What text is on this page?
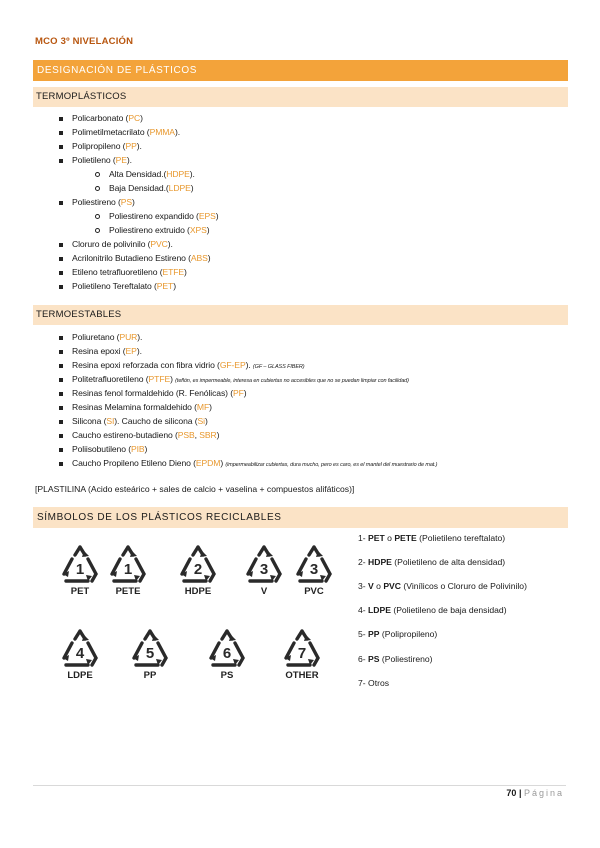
MCO 3º NIVELACIÓN
DESIGNACIÓN DE PLÁSTICOS
TERMOPLÁSTICOS
Policarbonato (PC)
Polimetilmetacrilato (PMMA).
Polipropileno (PP).
Polietileno (PE).
Alta Densidad.(HDPE).
Baja Densidad.(LDPE)
Poliestireno (PS)
Poliestireno expandido (EPS)
Poliestireno extruido (XPS)
Cloruro de polivinilo (PVC).
Acrilonitrilo Butadieno Estireno (ABS)
Etileno tetrafluoretileno (ETFE)
Polietileno Tereftalato (PET)
TERMOESTABLES
Poliuretano (PUR).
Resina epoxi (EP).
Resina epoxi reforzada con fibra vidrio (GF-EP). (GF – GLASS FIBER)
Politetrafluoretileno (PTFE) (teflón, es impermeable, interesa en cubiertas no accesibles que no se puedan limpiar con facilidad)
Resinas fenol formaldehido (R. Fenólicas) (PF)
Resinas Melamina formaldehido (MF)
Silicona (SI). Caucho de silicona (Si)
Caucho estireno-butadieno (PSB, SBR)
Poliisobutileno (PIB)
Caucho Propileno Etileno Dieno (EPDM) (impermeabilizar cubiertas, dura mucho, pero es caro, es el mantel del muestrario de mat.)
[PLASTILINA (Acido esteárico + sales de calcio + vaselina + compuestos alifáticos)]
SÍMBOLOS DE LOS PLÁSTICOS RECICLABLES
1
PET
1
PETE
2
HDPE
3
V
3
PVC
4
LDPE
5
PP
6
PS
7
OTHER
1- PET o PETE (Polietileno tereftalato)
2- HDPE (Polietileno de alta densidad)
3- V o PVC (Vinílicos o Cloruro de Polivinilo)
4- LDPE (Polietileno de baja densidad)
5- PP (Polipropileno)
6- PS (Poliestireno)
7- Otros
70 | Página
